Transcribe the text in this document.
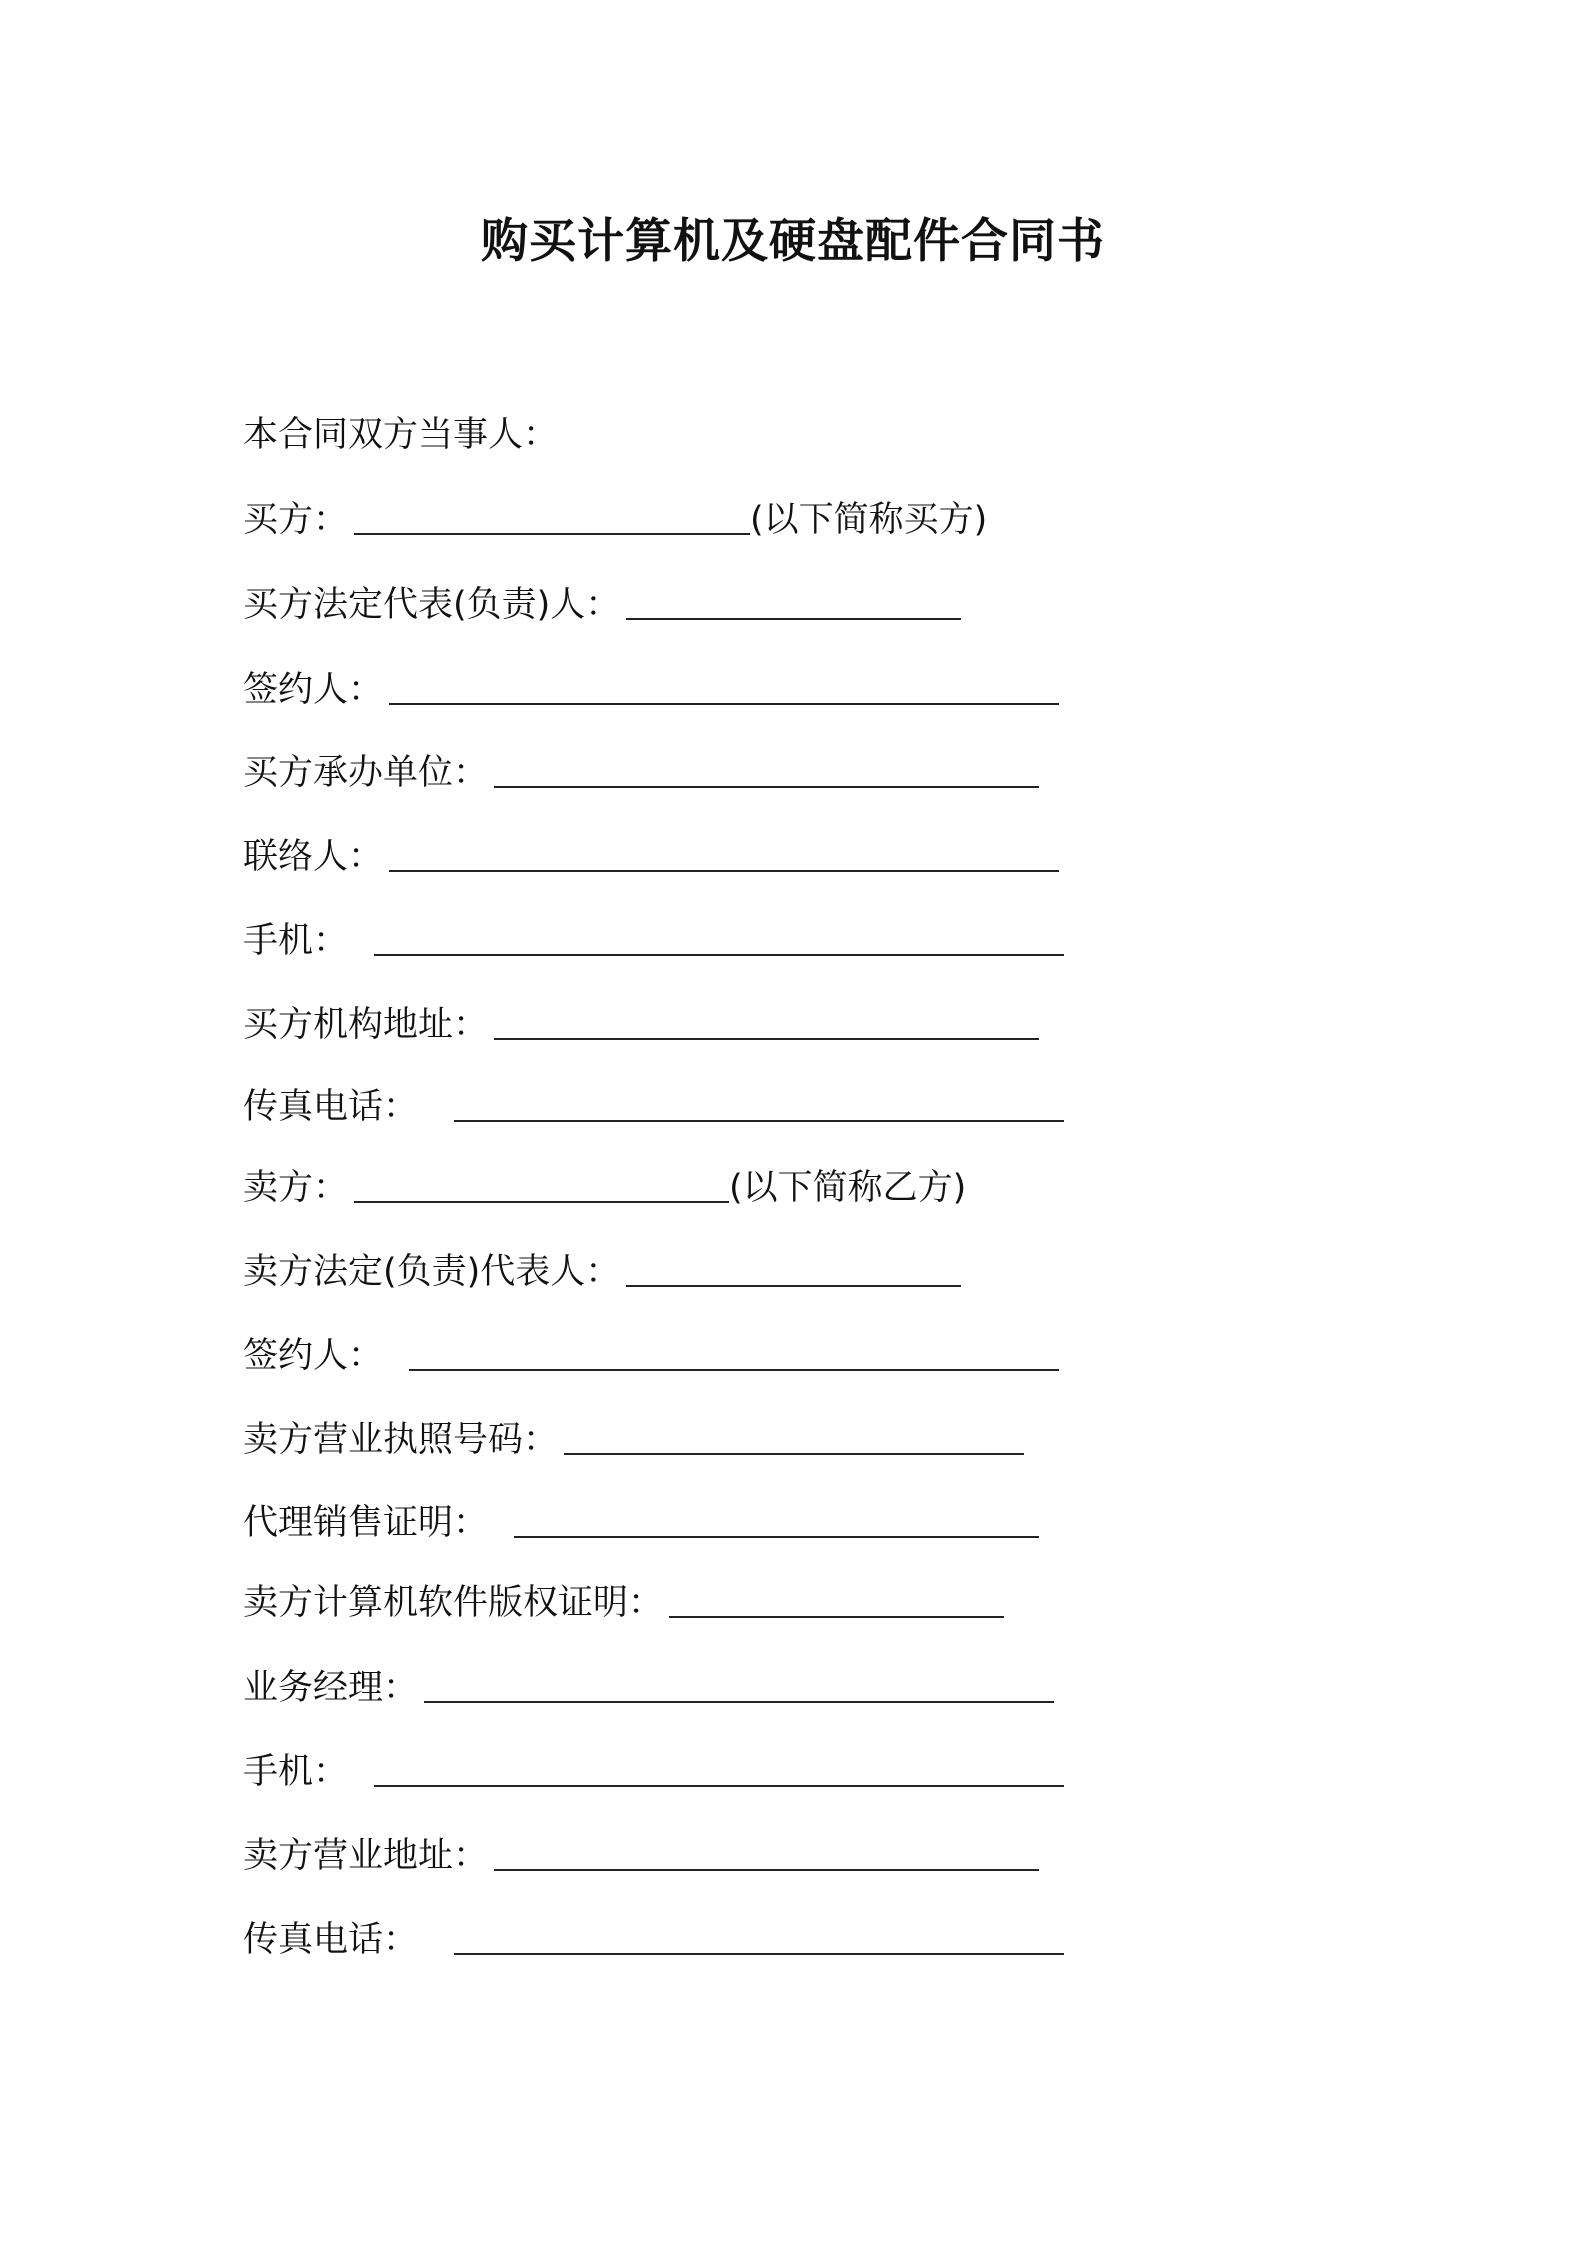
购买计算机及硬盘配件合同书
本合同双方当事人：
买方：	(以下简称买方)
买方法定代表(负责)人：
签约人：
买方承办单位：
联络人：
手机：
买方机构地址：
传真电话：
卖方：	(以下简称乙方)
卖方法定(负责)代表人：
签约人：
卖方营业执照号码：
代理销售证明：
卖方计算机软件版权证明：
业务经理：
手机：
卖方营业地址：
传真电话：
